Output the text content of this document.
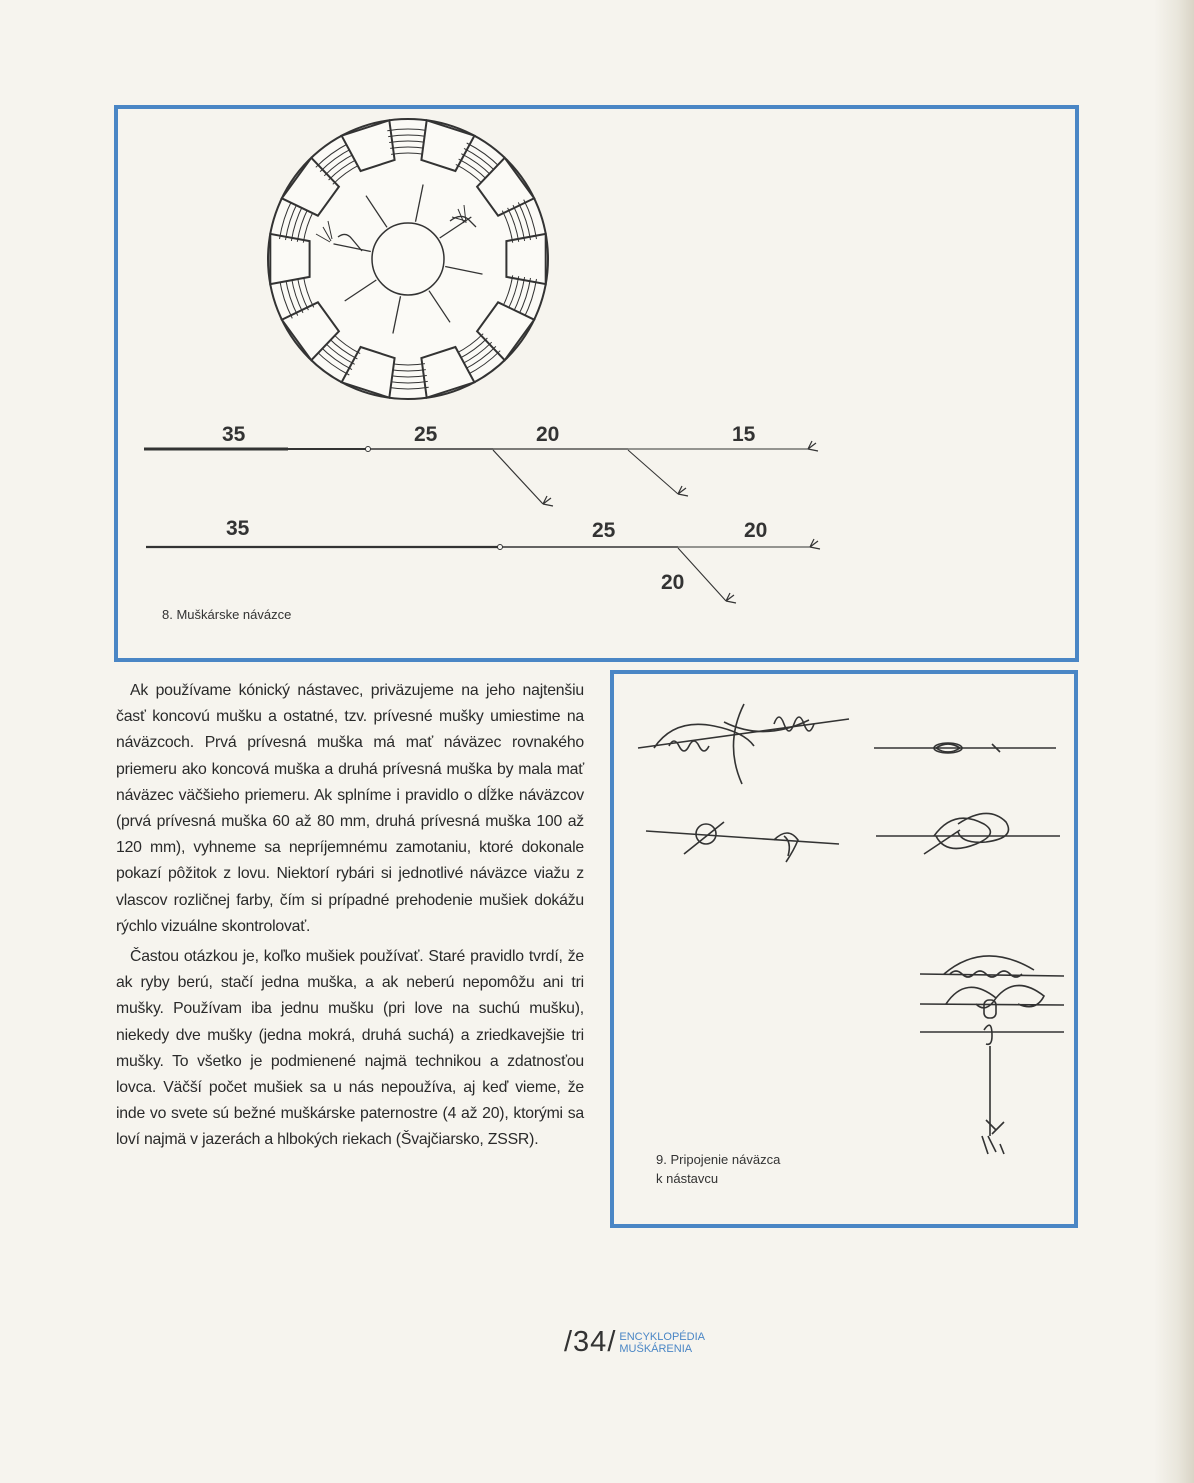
35	25	20	15
35	25	20
20
8. Muškárske návázce

Ak používame kónický nástavec, priväzujeme na jeho najtenšiu časť koncovú mušku a ostatné, tzv. prívesné mušky umiestime na náväzcoch. Prvá prívesná muška má mať náväzec rovnakého priemeru ako koncová muška a druhá prívesná muška by mala mať náväzec väčšieho priemeru. Ak splníme i pravidlo o dĺžke náväzcov (prvá prívesná muška 60 až 80 mm, druhá prívesná muška 100 až 120 mm), vyhneme sa nepríjemnému zamotaniu, ktoré dokonale pokazí pôžitok z lovu. Niektorí rybári si jednotlivé náväzce viažu z vlascov rozličnej farby, čím si prípadné prehodenie mušiek dokážu rýchlo vizuálne skontrolovať.

Častou otázkou je, koľko mušiek používať. Staré pravidlo tvrdí, že ak ryby berú, stačí jedna muška, a ak neberú nepomôžu ani tri mušky. Používam iba jednu mušku (pri love na suchú mušku), niekedy dve mušky (jedna mokrá, druhá suchá) a zriedkavejšie tri mušky. To všetko je podmienené najmä technikou a zdatnosťou lovca. Väčší počet mušiek sa u nás nepoužíva, aj keď vieme, že inde vo svete sú bežné muškárske paternostre (4 až 20), ktorými sa loví najmä v jazerách a hlbokých riekach (Švajčiarsko, ZSSR).

9. Pripojenie náväzca
k nástavcu
/34/ ENCYKLOPÉDIA
MUŠKÁRENIA
